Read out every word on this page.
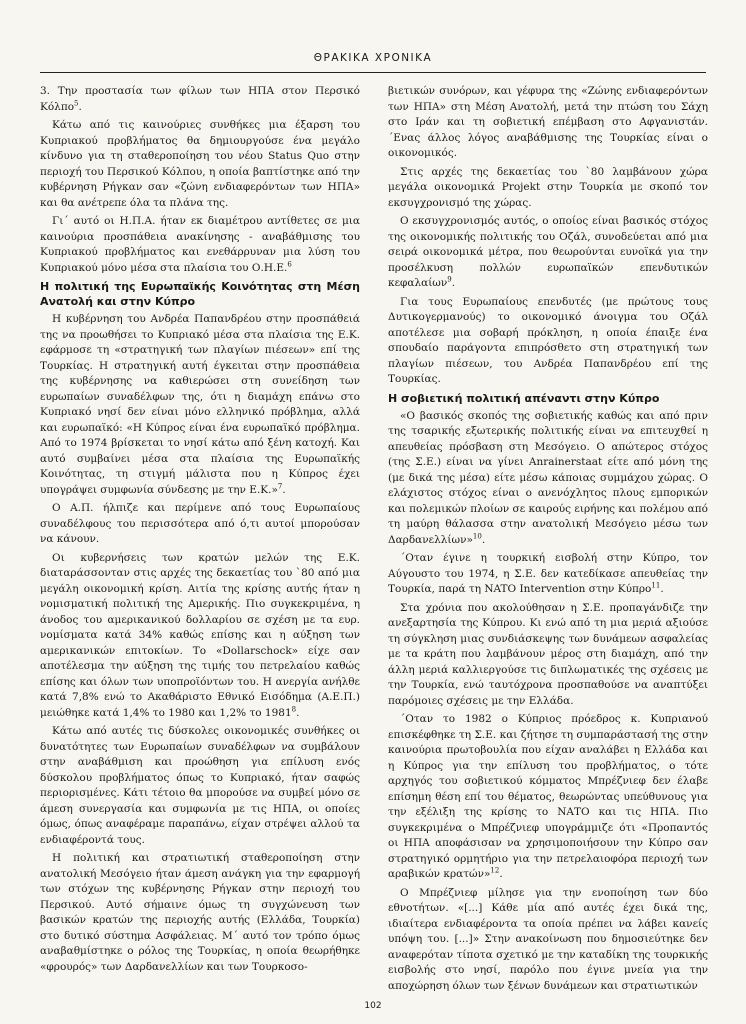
ΘΡΑΚΙΚΑ ΧΡΟΝΙΚΑ

3. Την προστασία των φίλων των ΗΠΑ στον Περσικό Κόλπο$^5$.

Κάτω από τις καινούριες συνθήκες μια έξαρση του Κυπριακού προβλήματος θα δημιουργούσε ένα μεγάλο κίνδυνο για τη σταθεροποίηση του νέου Status Quo στην περιοχή του Περσικού Κόλπου, η οποία βαπτίστηκε από την κυβέρνηση Ρήγκαν σαν «ζώνη ενδιαφερόντων των ΗΠΑ» και θα ανέτρεπε όλα τα πλάνα της.

Γι΄ αυτό οι Η.Π.Α. ήταν εκ διαμέτρου αντίθετες σε μια καινούρια προσπάθεια ανακίνησης - αναβάθμισης του Κυπριακού προβλήματος και ενεθάρρυναν μια λύση του Κυπριακού μόνο μέσα στα πλαίσια του Ο.Η.Ε.$^6$

Η πολιτική της Ευρωπαϊκής Κοινότητας στη Μέση Ανατολή και στην Κύπρο

Η κυβέρνηση του Ανδρέα Παπανδρέου στην προσπάθειά της να προωθήσει το Κυπριακό μέσα στα πλαίσια της Ε.Κ. εφάρμοσε τη «στρατηγική των πλαγίων πιέσεων» επί της Τουρκίας. Η στρατηγική αυτή έγκειται στην προσπάθεια της κυβέρνησης να καθιερώσει στη συνείδηση των ευρωπαίων συναδέλφων της, ότι η διαμάχη επάνω στο Κυπριακό νησί δεν είναι μόνο ελληνικό πρόβλημα, αλλά και ευρωπαϊκό: «Η Κύπρος είναι ένα ευρωπαϊκό πρόβλημα. Από το 1974 βρίσκεται το νησί κάτω από ξένη κατοχή. Και αυτό συμβαίνει μέσα στα πλαίσια της Ευρωπαϊκής Κοινότητας, τη στιγμή μάλιστα που η Κύπρος έχει υπογράψει συμφωνία σύνδεσης με την Ε.Κ.»$^7$.

Ο Α.Π. ήλπιζε και περίμενε από τους Ευρωπαίους συναδέλφους του περισσότερα από ό,τι αυτοί μπορούσαν να κάνουν.

Οι κυβερνήσεις των κρατών μελών της Ε.Κ. διαταράσσονταν στις αρχές της δεκαετίας του `80 από μια μεγάλη οικονομική κρίση. Αιτία της κρίσης αυτής ήταν η νομισματική πολιτική της Αμερικής. Πιο συγκεκριμένα, η άνοδος του αμερικανικού δολλαρίου σε σχέση με τα ευρ. νομίσματα κατά 34% καθώς επίσης και η αύξηση των αμερικανικών επιτοκίων. Το «Dollarschock» είχε σαν αποτέλεσμα την αύξηση της τιμής του πετρελαίου καθώς επίσης και όλων των υποπροϊόντων του. Η ανεργία ανήλθε κατά 7,8% ενώ το Ακαθάριστο Εθνικό Εισόδημα (Α.Ε.Π.) μειώθηκε κατά 1,4% το 1980 και 1,2% το 1981$^8$.

Κάτω από αυτές τις δύσκολες οικονομικές συνθήκες οι δυνατότητες των Ευρωπαίων συναδέλφων να συμβάλουν στην αναβάθμιση και προώθηση για επίλυση ενός δύσκολου προβλήματος όπως το Κυπριακό, ήταν σαφώς περιορισμένες. Κάτι τέτοιο θα μπορούσε να συμβεί μόνο σε άμεση συνεργασία και συμφωνία με τις ΗΠΑ, οι οποίες όμως, όπως αναφέραμε παραπάνω, είχαν στρέψει αλλού τα ενδιαφέροντά τους.

Η πολιτική και στρατιωτική σταθεροποίηση στην ανατολική Μεσόγειο ήταν άμεση ανάγκη για την εφαρμογή των στόχων της κυβέρνησης Ρήγκαν στην περιοχή του Περσικού. Αυτό σήμαινε όμως τη συγχώνευση των βασικών κρατών της περιοχής αυτής (Ελλάδα, Τουρκία) στο δυτικό σύστημα Ασφάλειας. Μ΄ αυτό τον τρόπο όμως αναβαθμίστηκε ο ρόλος της Τουρκίας, η οποία θεωρήθηκε «φρουρός» των Δαρδανελλίων και των Τουρκοσο-

βιετικών συνόρων, και γέφυρα της «Ζώνης ενδιαφερόντων των ΗΠΑ» στη Μέση Ανατολή, μετά την πτώση του Σάχη στο Ιράν και τη σοβιετική επέμβαση στο Αφγανιστάν. ΄Ενας άλλος λόγος αναβάθμισης της Τουρκίας είναι ο οικονομικός.

Στις αρχές της δεκαετίας του `80 λαμβάνουν χώρα μεγάλα οικονομικά Projekt στην Τουρκία με σκοπό τον εκσυγχρονισμό της χώρας.

Ο εκσυγχρονισμός αυτός, ο οποίος είναι βασικός στόχος της οικονομικής πολιτικής του Οζάλ, συνοδεύεται από μια σειρά οικονομικά μέτρα, που θεωρούνται ευνοϊκά για την προσέλκυση πολλών ευρωπαϊκών επενδυτικών κεφαλαίων$^9$.

Για τους Ευρωπαίους επενδυτές (με πρώτους τους Δυτικογερμανούς) το οικονομικό άνοιγμα του Οζάλ αποτέλεσε μια σοβαρή πρόκληση, η οποία έπαιξε ένα σπουδαίο παράγοντα επιπρόσθετο στη στρατηγική των πλαγίων πιέσεων, του Ανδρέα Παπανδρέου επί της Τουρκίας.

Η σοβιετική πολιτική απέναντι στην Κύπρο

«Ο βασικός σκοπός της σοβιετικής καθώς και από πριν της τσαρικής εξωτερικής πολιτικής είναι να επιτευχθεί η απευθείας πρόσβαση στη Μεσόγειο. Ο απώτερος στόχος (της Σ.Ε.) είναι να γίνει Anrainerstaat είτε από μόνη της (με δικά της μέσα) είτε μέσω κάποιας συμμάχου χώρας. Ο ελάχιστος στόχος είναι ο ανενόχλητος πλους εμπορικών και πολεμικών πλοίων σε καιρούς ειρήνης και πολέμου από τη μαύρη θάλασσα στην ανατολική Μεσόγειο μέσω των Δαρδανελλίων»$^{10}$.

΄Οταν έγινε η τουρκική εισβολή στην Κύπρο, τον Αύγουστο του 1974, η Σ.Ε. δεν κατεδίκασε απευθείας την Τουρκία, παρά τη NATO Intervention στην Κύπρο$^{11}$.

Στα χρόνια που ακολούθησαν η Σ.Ε. προπαγάνδιζε την ανεξαρτησία της Κύπρου. Κι ενώ από τη μια μεριά αξιούσε τη σύγκληση μιας συνδιάσκεψης των δυνάμεων ασφαλείας με τα κράτη που λαμβάνουν μέρος στη διαμάχη, από την άλλη μεριά καλλιεργούσε τις διπλωματικές της σχέσεις με την Τουρκία, ενώ ταυτόχρονα προσπαθούσε να αναπτύξει παρόμοιες σχέσεις με την Ελλάδα.

΄Οταν το 1982 ο Κύπριος πρόεδρος κ. Κυπριανού επισκέφθηκε τη Σ.Ε. και ζήτησε τη συμπαράστασή της στην καινούρια πρωτοβουλία που είχαν αναλάβει η Ελλάδα και η Κύπρος για την επίλυση του προβλήματος, ο τότε αρχηγός του σοβιετικού κόμματος Μπρέζνιεφ δεν έλαβε επίσημη θέση επί του θέματος, θεωρώντας υπεύθυνους για την εξέλιξη της κρίσης το ΝΑΤΟ και τις ΗΠΑ. Πιο συγκεκριμένα ο Μπρέζνιεφ υπογράμμιζε ότι «Προπαντός οι ΗΠΑ αποφάσισαν να χρησιμοποιήσουν την Κύπρο σαν στρατηγικό ορμητήριο για την πετρελαιοφόρα περιοχή των αραβικών κρατών»$^{12}$.

Ο Μπρέζνιεφ μίλησε για την ενοποίηση των δύο εθνοτήτων. «[...] Κάθε μία από αυτές έχει δικά της, ιδιαίτερα ενδιαφέροντα τα οποία πρέπει να λάβει κανείς υπόψη του. [...]» Στην ανακοίνωση που δημοσιεύτηκε δεν αναφερόταν τίποτα σχετικό με την καταδίκη της τουρκικής εισβολής στο νησί, παρόλο που έγινε μνεία για την αποχώρηση όλων των ξένων δυνάμεων και στρατιωτικών

102
